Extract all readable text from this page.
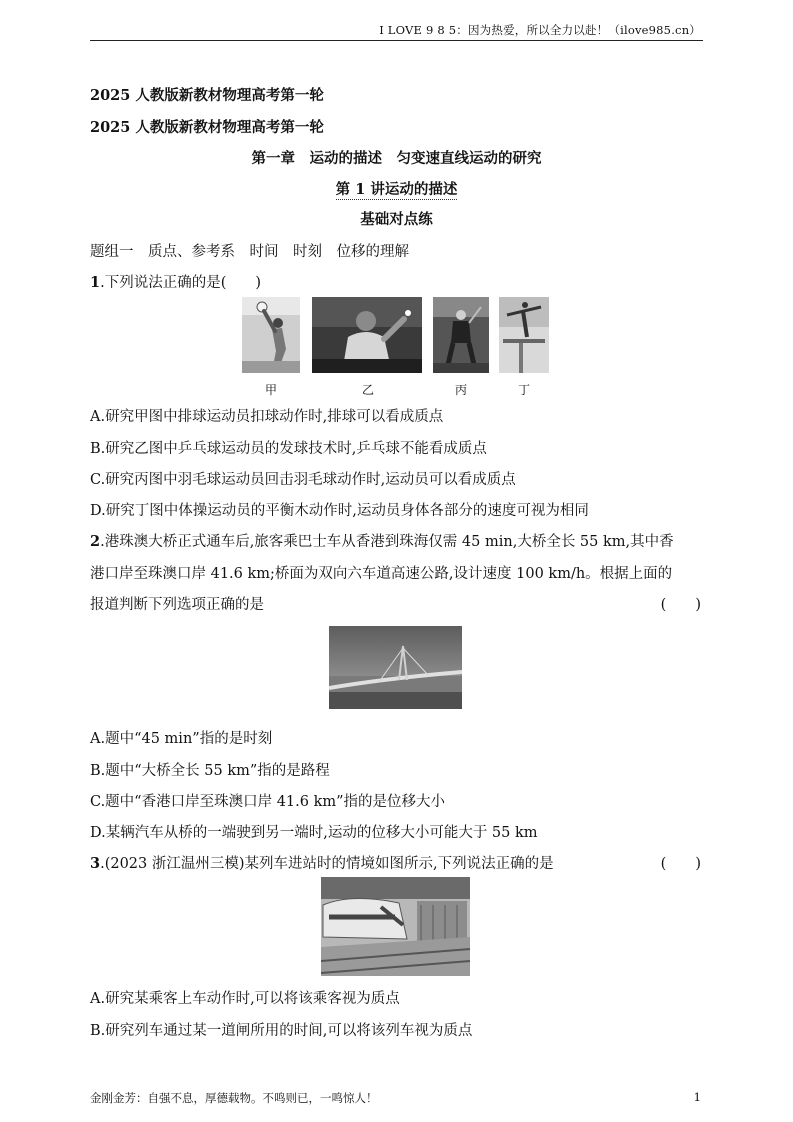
I LOVE 9 8 5：因为热爱，所以全力以赴！（ilove985.cn）
2025 人教版新教材物理高考第一轮
2025 人教版新教材物理高考第一轮
第一章　运动的描述　匀变速直线运动的研究
第 1 讲运动的描述
基础对点练
题组一　质点、参考系　时间　时刻　位移的理解
1.下列说法正确的是(　　)
甲	乙	丙	丁
A.研究甲图中排球运动员扣球动作时,排球可以看成质点
B.研究乙图中乒乓球运动员的发球技术时,乒乓球不能看成质点
C.研究丙图中羽毛球运动员回击羽毛球动作时,运动员可以看成质点
D.研究丁图中体操运动员的平衡木动作时,运动员身体各部分的速度可视为相同
2.港珠澳大桥正式通车后,旅客乘巴士车从香港到珠海仅需 45 min,大桥全长 55 km,其中香
港口岸至珠澳口岸 41.6 km;桥面为双向六车道高速公路,设计速度 100 km/h。根据上面的
报道判断下列选项正确的是	(　　)
A.题中“45 min”指的是时刻
B.题中“大桥全长 55 km”指的是路程
C.题中“香港口岸至珠澳口岸 41.6 km”指的是位移大小
D.某辆汽车从桥的一端驶到另一端时,运动的位移大小可能大于 55 km
3.(2023 浙江温州三模)某列车进站时的情境如图所示,下列说法正确的是	(　　)
A.研究某乘客上车动作时,可以将该乘客视为质点
B.研究列车通过某一道闸所用的时间,可以将该列车视为质点
金刚金芳：自强不息，厚德载物。不鸣则已，一鸣惊人！	1
